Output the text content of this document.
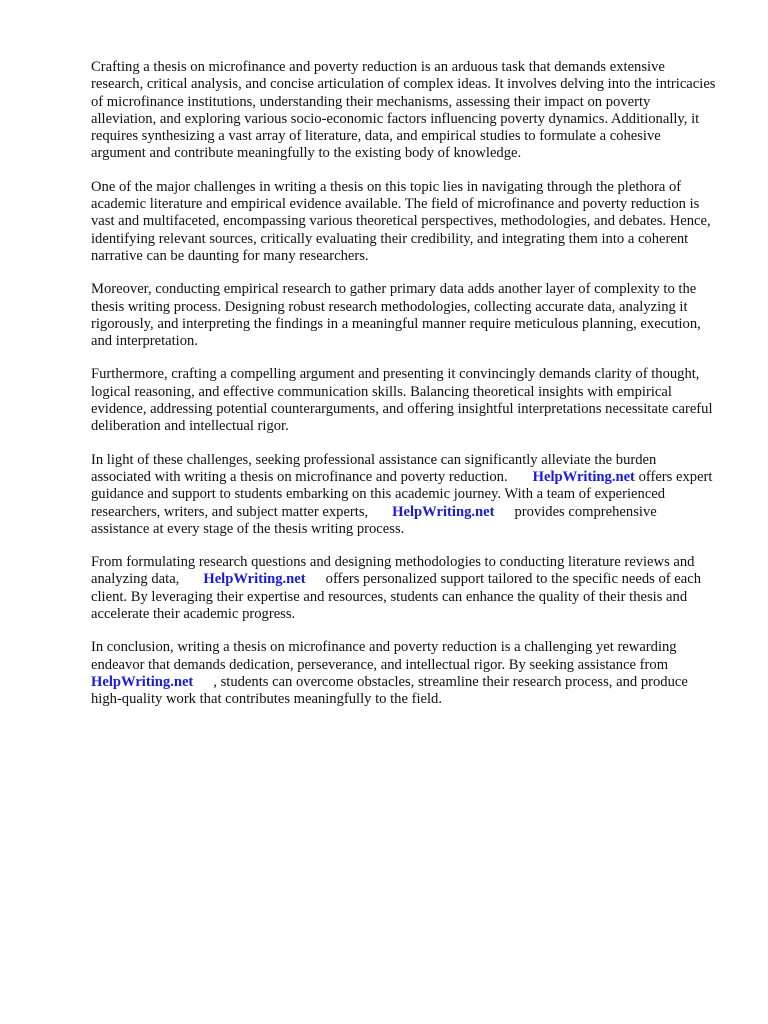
Crafting a thesis on microfinance and poverty reduction is an arduous task that demands extensive research, critical analysis, and concise articulation of complex ideas. It involves delving into the intricacies of microfinance institutions, understanding their mechanisms, assessing their impact on poverty alleviation, and exploring various socio-economic factors influencing poverty dynamics. Additionally, it requires synthesizing a vast array of literature, data, and empirical studies to formulate a cohesive argument and contribute meaningfully to the existing body of knowledge.

One of the major challenges in writing a thesis on this topic lies in navigating through the plethora of academic literature and empirical evidence available. The field of microfinance and poverty reduction is vast and multifaceted, encompassing various theoretical perspectives, methodologies, and debates. Hence, identifying relevant sources, critically evaluating their credibility, and integrating them into a coherent narrative can be daunting for many researchers.

Moreover, conducting empirical research to gather primary data adds another layer of complexity to the thesis writing process. Designing robust research methodologies, collecting accurate data, analyzing it rigorously, and interpreting the findings in a meaningful manner require meticulous planning, execution, and interpretation.

Furthermore, crafting a compelling argument and presenting it convincingly demands clarity of thought, logical reasoning, and effective communication skills. Balancing theoretical insights with empirical evidence, addressing potential counterarguments, and offering insightful interpretations necessitate careful deliberation and intellectual rigor.

In light of these challenges, seeking professional assistance can significantly alleviate the burden associated with writing a thesis on microfinance and poverty reduction. HelpWriting.net offers expert guidance and support to students embarking on this academic journey. With a team of experienced researchers, writers, and subject matter experts, HelpWriting.net provides comprehensive assistance at every stage of the thesis writing process.

From formulating research questions and designing methodologies to conducting literature reviews and analyzing data, HelpWriting.net offers personalized support tailored to the specific needs of each client. By leveraging their expertise and resources, students can enhance the quality of their thesis and accelerate their academic progress.

In conclusion, writing a thesis on microfinance and poverty reduction is a challenging yet rewarding endeavor that demands dedication, perseverance, and intellectual rigor. By seeking assistance fromHelpWriting.net , students can overcome obstacles, streamline their research process, and produce high-quality work that contributes meaningfully to the field.
